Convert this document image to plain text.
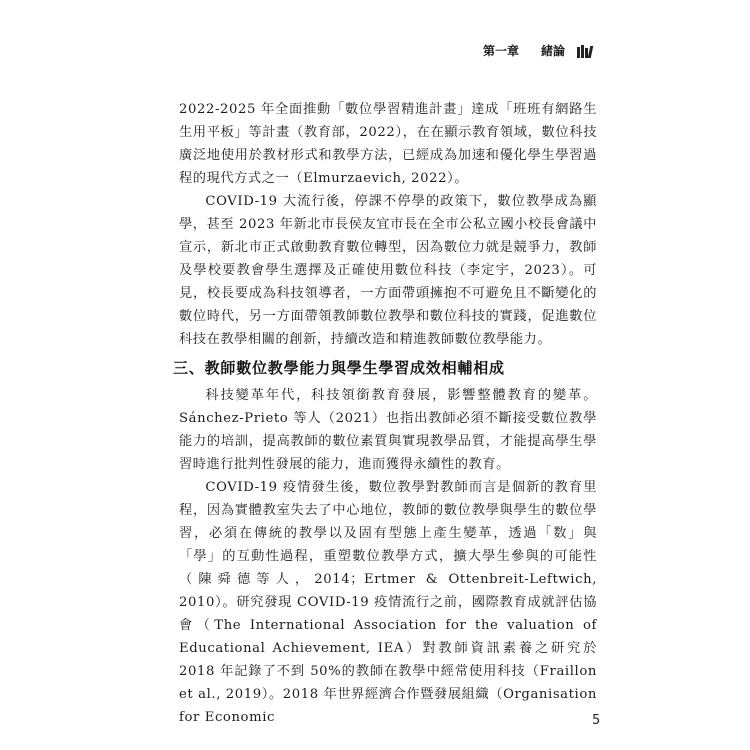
第一章 緒論

2022-2025 年全面推動「數位學習精進計畫」達成「班班有網路生生用平板」等計畫（教育部，2022），在在顯示教育領域，數位科技廣泛地使用於教材形式和教學方法，已經成為加速和優化學生學習過程的現代方式之一（Elmurzaevich, 2022）。

COVID-19 大流行後，停課不停學的政策下，數位教學成為顯學，甚至 2023 年新北市長侯友宜市長在全市公私立國小校長會議中宣示，新北市正式啟動教育數位轉型，因為數位力就是競爭力，教師及學校要教會學生選擇及正確使用數位科技（李定宇，2023）。可見，校長要成為科技領導者，一方面帶頭擁抱不可避免且不斷變化的數位時代，另一方面帶領教師數位教學和數位科技的實踐，促進數位科技在教學相關的創新，持續改造和精進教師數位教學能力。

三、教師數位教學能力與學生學習成效相輔相成

科技變革年代，科技領銜教育發展，影響整體教育的變革。Sánchez-Prieto 等人（2021）也指出教師必須不斷接受數位教學能力的培訓，提高教師的數位素質與實現教學品質，才能提高學生學習時進行批判性發展的能力，進而獲得永續性的教育。

COVID-19 疫情發生後，數位教學對教師而言是個新的教育里程，因為實體教室失去了中心地位，教師的數位教學與學生的數位學習，必須在傳統的教學以及固有型態上產生變革，透過「数」與「學」的互動性過程，重塑數位教學方式，擴大學生參與的可能性（陳舜德等人，2014；Ertmer & Ottenbreit-Leftwich, 2010）。研究發現 COVID-19 疫情流行之前，國際教育成就評估協會（The International Association for the valuation of Educational Achievement, IEA）對教師資訊素養之研究於 2018 年記錄了不到 50%的教師在教學中經常使用科技（Fraillon et al., 2019）。2018 年世界經濟合作暨發展組織（Organisation for Economic	5
